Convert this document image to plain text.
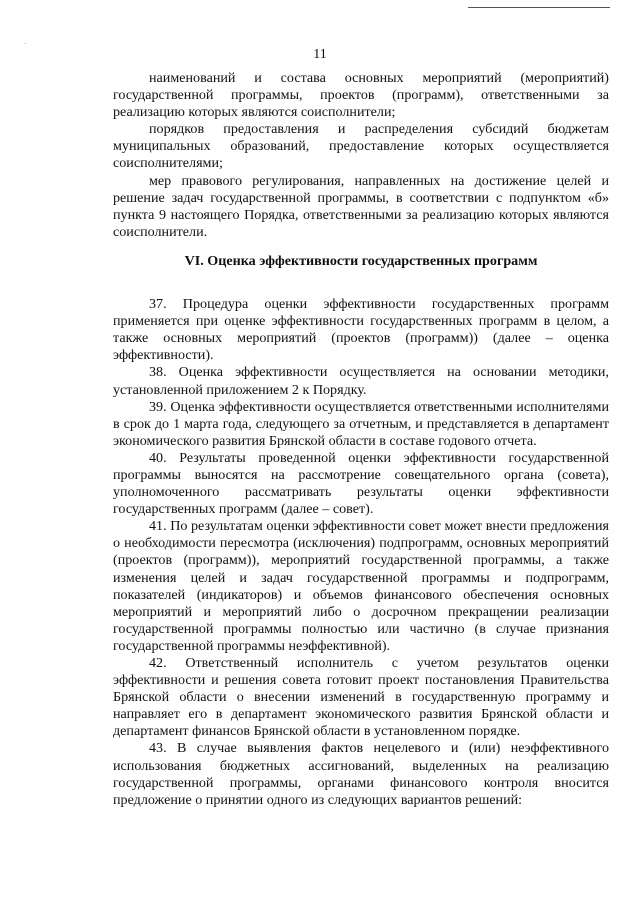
·
11

наименований и состава основных мероприятий (мероприятий) государственной программы, проектов (программ), ответственными за реализацию которых являются соисполнители;

порядков предоставления и распределения субсидий бюджетам муниципальных образований, предоставление которых осуществляется соисполнителями;

мер правового регулирования, направленных на достижение целей и решение задач государственной программы, в соответствии с подпунктом «б» пункта 9 настоящего Порядка, ответственными за реализацию которых являются соисполнители.

VI. Оценка эффективности государственных программ

37. Процедура оценки эффективности государственных программ применяется при оценке эффективности государственных программ в целом, а также основных мероприятий (проектов (программ)) (далее – оценка эффективности).

38. Оценка эффективности осуществляется на основании методики, установленной приложением 2 к Порядку.

39. Оценка эффективности осуществляется ответственными исполнителями в срок до 1 марта года, следующего за отчетным, и представляется в департамент экономического развития Брянской области в составе годового отчета.

40. Результаты проведенной оценки эффективности государственной программы выносятся на рассмотрение совещательного органа (совета), уполномоченного рассматривать результаты оценки эффективности государственных программ (далее – совет).

41. По результатам оценки эффективности совет может внести предложения о необходимости пересмотра (исключения) подпрограмм, основных мероприятий (проектов (программ)), мероприятий государственной программы, а также изменения целей и задач государственной программы и подпрограмм, показателей (индикаторов) и объемов финансового обеспечения основных мероприятий и мероприятий либо о досрочном прекращении реализации государственной программы полностью или частично (в случае признания государственной программы неэффективной).

42. Ответственный исполнитель с учетом результатов оценки эффективности и решения совета готовит проект постановления Правительства Брянской области о внесении изменений в государственную программу и направляет его в департамент экономического развития Брянской области и департамент финансов Брянской области в установленном порядке.

43. В случае выявления фактов нецелевого и (или) неэффективного использования бюджетных ассигнований, выделенных на реализацию государственной программы, органами финансового контроля вносится предложение о принятии одного из следующих вариантов решений:
